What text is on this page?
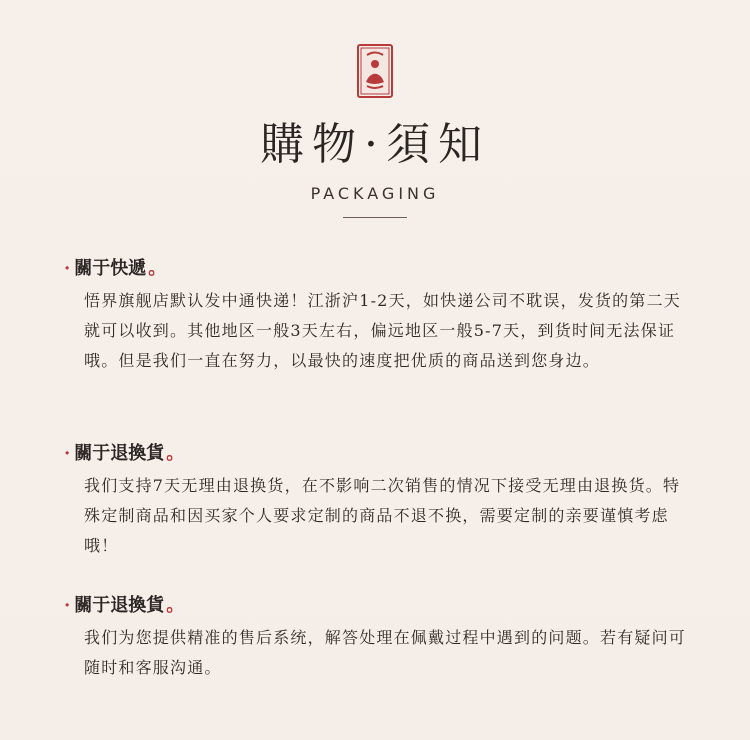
購物·須知
PACKAGING
· 關于快遞 。
悟界旗舰店默认发中通快递！江浙沪1-2天，如快递公司不耽误，发货的第二天就可以收到。其他地区一般3天左右，偏远地区一般5-7天，到货时间无法保证哦。但是我们一直在努力，以最快的速度把优质的商品送到您身边。
· 關于退換貨 。
我们支持7天无理由退换货，在不影响二次销售的情况下接受无理由退换货。特殊定制商品和因买家个人要求定制的商品不退不换，需要定制的亲要谨慎考虑哦！
· 關于退換貨 。
我们为您提供精准的售后系统，解答处理在佩戴过程中遇到的问题。若有疑问可随时和客服沟通。
